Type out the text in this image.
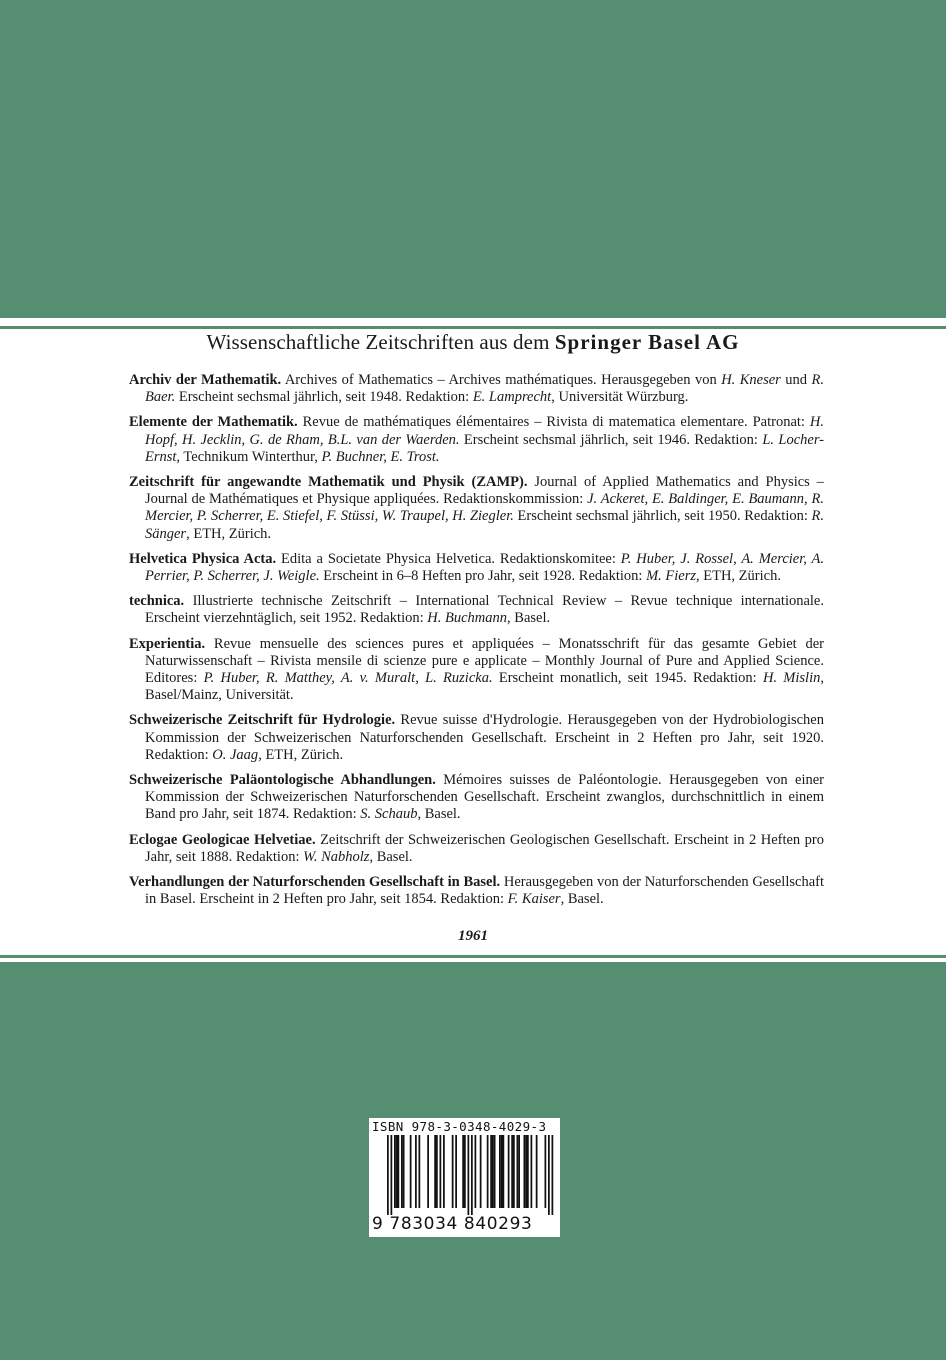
Wissenschaftliche Zeitschriften aus dem Springer Basel AG

Archiv der Mathematik. Archives of Mathematics – Archives mathématiques. Herausgegeben von H. Kneser und R. Baer. Erscheint sechsmal jährlich, seit 1948. Redaktion: E. Lamprecht, Universität Würzburg.

Elemente der Mathematik. Revue de mathématiques élémentaires – Rivista di matematica elementare. Patronat: H. Hopf, H. Jecklin, G. de Rham, B.L. van der Waerden. Erscheint sechsmal jährlich, seit 1946. Redaktion: L. Locher-Ernst, Technikum Winterthur, P. Buchner, E. Trost.

Zeitschrift für angewandte Mathematik und Physik (ZAMP). Journal of Applied Mathematics and Physics – Journal de Mathématiques et Physique appliquées. Redaktionskommission: J. Ackeret, E. Baldinger, E. Baumann, R. Mercier, P. Scherrer, E. Stiefel, F. Stüssi, W. Traupel, H. Ziegler. Erscheint sechsmal jährlich, seit 1950. Redaktion: R. Sänger, ETH, Zürich.

Helvetica Physica Acta. Edita a Societate Physica Helvetica. Redaktionskomitee: P. Huber, J. Rossel, A. Mercier, A. Perrier, P. Scherrer, J. Weigle. Erscheint in 6–8 Heften pro Jahr, seit 1928. Redaktion: M. Fierz, ETH, Zürich.

technica. Illustrierte technische Zeitschrift – International Technical Review – Revue technique internationale. Erscheint vierzehntäglich, seit 1952. Redaktion: H. Buchmann, Basel.

Experientia. Revue mensuelle des sciences pures et appliquées – Monatsschrift für das gesamte Gebiet der Naturwissenschaft – Rivista mensile di scienze pure e applicate – Monthly Journal of Pure and Applied Science. Editores: P. Huber, R. Matthey, A. v. Muralt, L. Ruzicka. Erscheint monatlich, seit 1945. Redaktion: H. Mislin, Basel/Mainz, Universität.

Schweizerische Zeitschrift für Hydrologie. Revue suisse d'Hydrologie. Herausgegeben von der Hydrobiologischen Kommission der Schweizerischen Naturforschenden Gesellschaft. Erscheint in 2 Heften pro Jahr, seit 1920. Redaktion: O. Jaag, ETH, Zürich.

Schweizerische Paläontologische Abhandlungen. Mémoires suisses de Paléontologie. Herausgegeben von einer Kommission der Schweizerischen Naturforschenden Gesellschaft. Erscheint zwanglos, durchschnittlich in einem Band pro Jahr, seit 1874. Redaktion: S. Schaub, Basel.

Eclogae Geologicae Helvetiae. Zeitschrift der Schweizerischen Geologischen Gesellschaft. Erscheint in 2 Heften pro Jahr, seit 1888. Redaktion: W. Nabholz, Basel.

Verhandlungen der Naturforschenden Gesellschaft in Basel. Herausgegeben von der Naturforschenden Gesellschaft in Basel. Erscheint in 2 Heften pro Jahr, seit 1854. Redaktion: F. Kaiser, Basel.

1961
ISBN 978-3-0348-4029-3
9 783034 840293
